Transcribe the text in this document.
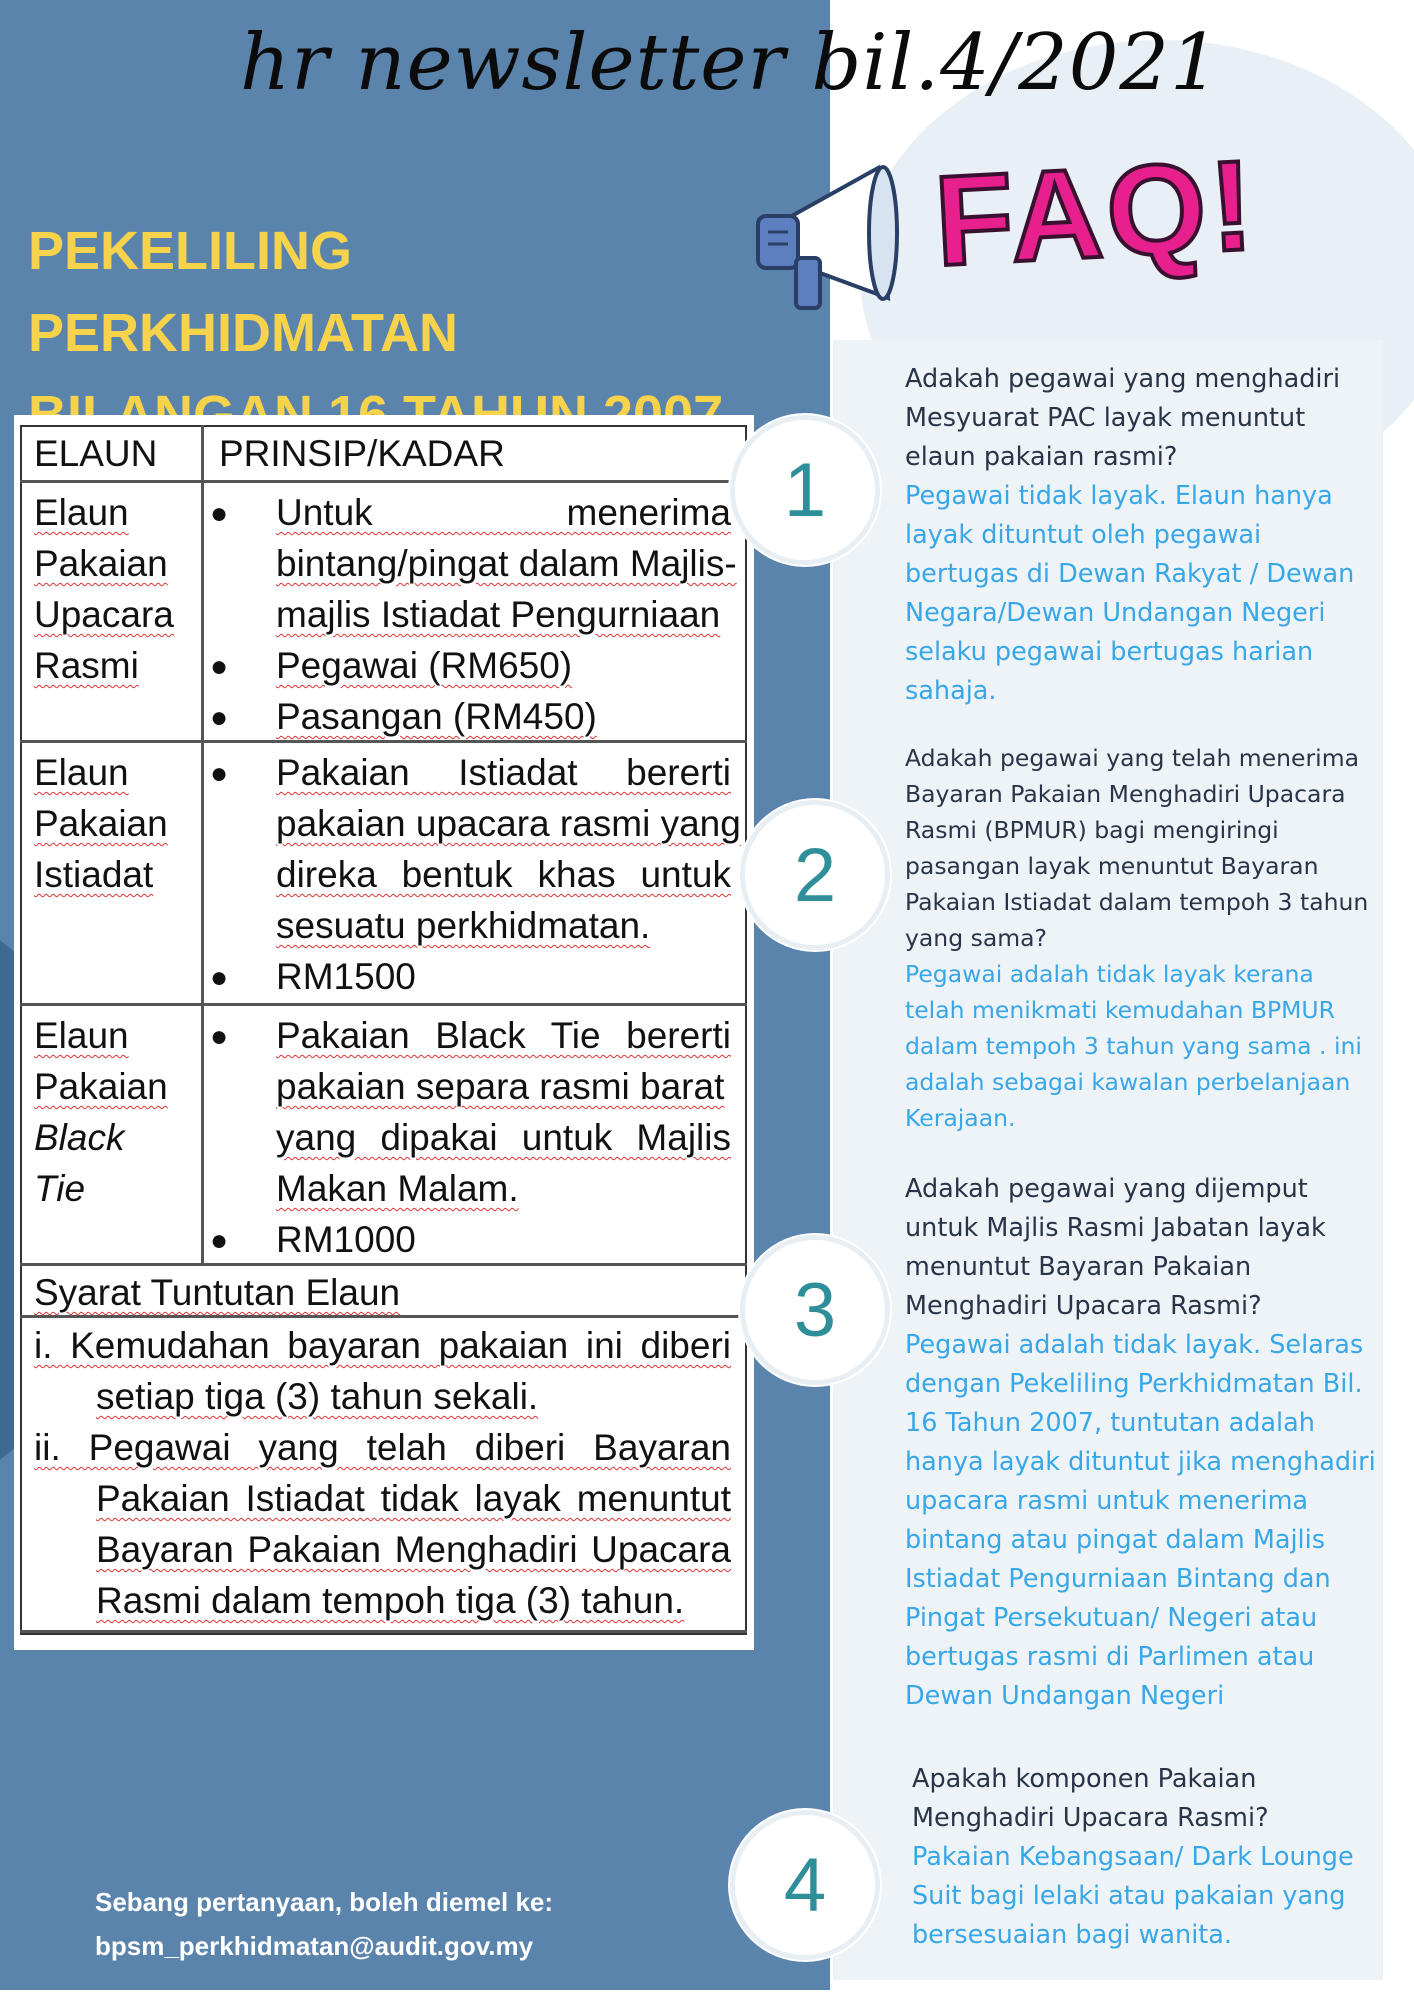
hr newsletter bil.4/2021
PEKELILING PERKHIDMATAN
FAQ!
ELAUN PRINSIP/KADAR
Elaun
Pakaian
Upacara
Rasmi
●
●
●
Untuk menerima
bintang/pingat dalam Majlis-
majlis Istiadat Pengurniaan
Pegawai (RM650)
Pasangan (RM450)
Elaun
Pakaian
Istiadat
●
●
Pakaian Istiadat bererti
pakaian upacara rasmi yang
direka bentuk khas untuk
sesuatu perkhidmatan.
RM1500
Elaun
Pakaian
Black
Tie
●
●
Pakaian Black Tie bererti
pakaian separa rasmi barat
yang dipakai untuk Majlis
Makan Malam.
RM1000
Syarat Tuntutan Elaun
i. Kemudahan bayaran pakaian ini diberi
setiap tiga (3) tahun sekali.
ii. Pegawai yang telah diberi Bayaran
Pakaian Istiadat tidak layak menuntut
Bayaran Pakaian Menghadiri Upacara
Rasmi dalam tempoh tiga (3) tahun.
1
2
3
4
Adakah pegawai yang menghadiri Mesyuarat PAC layak menuntut elaun pakaian rasmi?
Pegawai tidak layak. Elaun hanya layak dituntut oleh pegawai bertugas di Dewan Rakyat / Dewan Negara/Dewan Undangan Negeri selaku pegawai bertugas harian sahaja.
Adakah pegawai yang telah menerima Bayaran Pakaian Menghadiri Upacara Rasmi (BPMUR) bagi mengiringi pasangan layak menuntut Bayaran Pakaian Istiadat dalam tempoh 3 tahun yang sama?
Pegawai adalah tidak layak kerana telah menikmati kemudahan BPMUR dalam tempoh 3 tahun yang sama . ini adalah sebagai kawalan perbelanjaan Kerajaan.
Adakah pegawai yang dijemput untuk Majlis Rasmi Jabatan layak menuntut Bayaran Pakaian Menghadiri Upacara Rasmi?
Pegawai adalah tidak layak. Selaras dengan Pekeliling Perkhidmatan Bil. 16 Tahun 2007, tuntutan adalah hanya layak dituntut jika menghadiri upacara rasmi untuk menerima bintang atau pingat dalam Majlis Istiadat Pengurniaan Bintang dan Pingat Persekutuan/ Negeri atau bertugas rasmi di Parlimen atau Dewan Undangan Negeri
Apakah komponen Pakaian Menghadiri Upacara Rasmi?
Pakaian Kebangsaan/ Dark Lounge Suit bagi lelaki atau pakaian yang bersesuaian bagi wanita.
Sebang pertanyaan, boleh diemel ke:
bpsm_perkhidmatan@audit.gov.my
